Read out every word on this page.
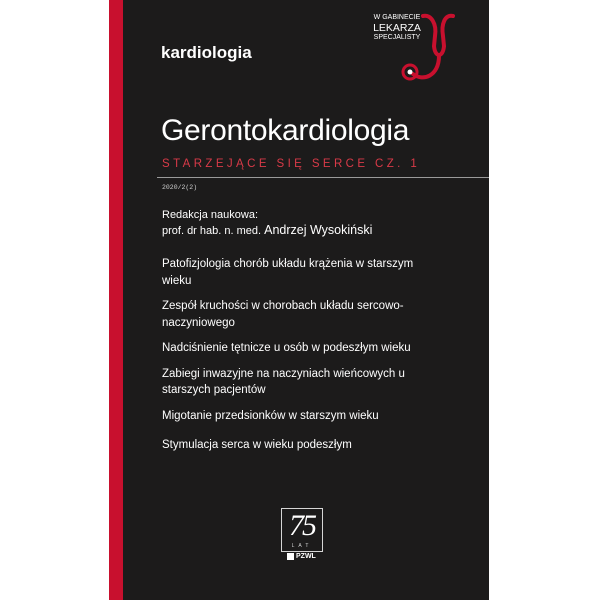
kardiologia
W GABINECIE
LEKARZA
SPECJALISTY
Gerontokardiologia
STARZEJĄCE SIĘ SERCE CZ. 1
2020/2(2)
Redakcja naukowa:
prof. dr hab. n. med. Andrzej Wysokiński
Patofizjologia chorób układu krążenia w starszym wieku
Zespół kruchości w chorobach układu sercowo-naczyniowego
Nadciśnienie tętnicze u osób w podeszłym wieku
Zabiegi inwazyjne na naczyniach wieńcowych u starszych pacjentów
Migotanie przedsionków w starszym wieku
Stymulacja serca w wieku podeszłym
75
LAT
PZWL
